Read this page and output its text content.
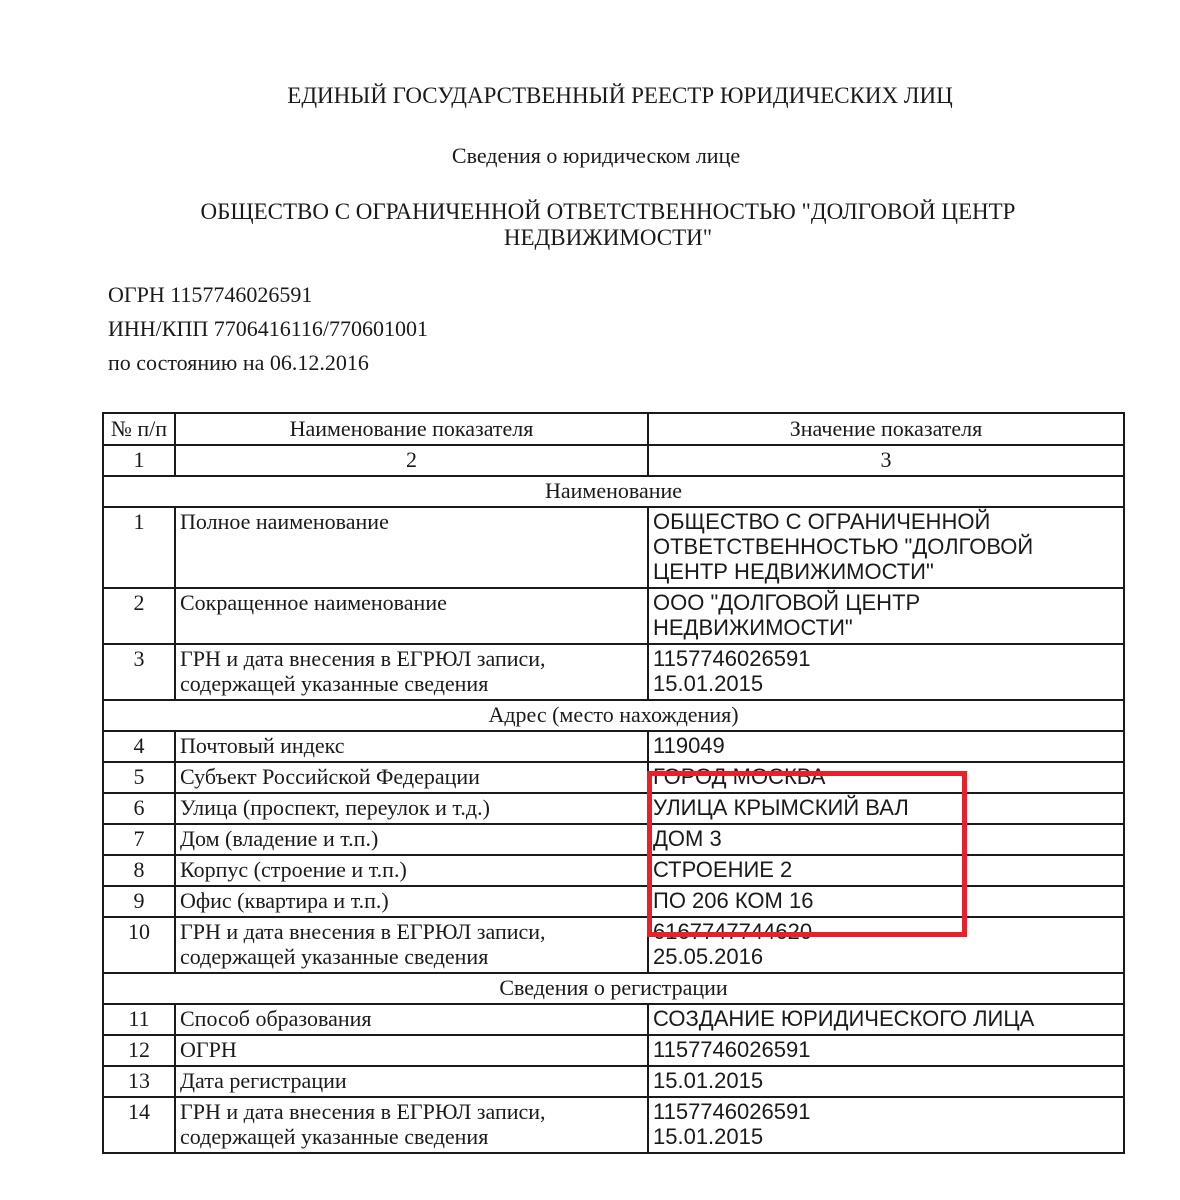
ЕДИНЫЙ ГОСУДАРСТВЕННЫЙ РЕЕСТР ЮРИДИЧЕСКИХ ЛИЦ
Сведения о юридическом лице
ОБЩЕСТВО С ОГРАНИЧЕННОЙ ОТВЕТСТВЕННОСТЬЮ "ДОЛГОВОЙ ЦЕНТР
НЕДВИЖИМОСТИ"
ОГРН 1157746026591
ИНН/КПП 7706416116/770601001
по состоянию на 06.12.2016
№ п/п	Наименование показателя	Значение показателя
1	2	3
Наименование		
1	Полное наименование	ОБЩЕСТВО С ОГРАНИЧЕННОЙ
ОТВЕТСТВЕННОСТЬЮ "ДОЛГОВОЙ
ЦЕНТР НЕДВИЖИМОСТИ"
2	Сокращенное наименование	ООО "ДОЛГОВОЙ ЦЕНТР
НЕДВИЖИМОСТИ"
3	ГРН и дата внесения в ЕГРЮЛ записи,
содержащей указанные сведения	1157746026591
15.01.2015
Адрес (место нахождения)		
4	Почтовый индекс	119049
5	Субъект Российской Федерации	ГОРОД МОСКВА
6	Улица (проспект, переулок и т.д.)	УЛИЦА КРЫМСКИЙ ВАЛ
7	Дом (владение и т.п.)	ДОМ 3
8	Корпус (строение и т.п.)	СТРОЕНИЕ 2
9	Офис (квартира и т.п.)	ПО 206 КОМ 16
10	ГРН и дата внесения в ЕГРЮЛ записи,
содержащей указанные сведения	6167747744620
25.05.2016
Сведения о регистрации		
11	Способ образования	СОЗДАНИЕ ЮРИДИЧЕСКОГО ЛИЦА
12	ОГРН	1157746026591
13	Дата регистрации	15.01.2015
14	ГРН и дата внесения в ЕГРЮЛ записи,
содержащей указанные сведения	1157746026591
15.01.2015
